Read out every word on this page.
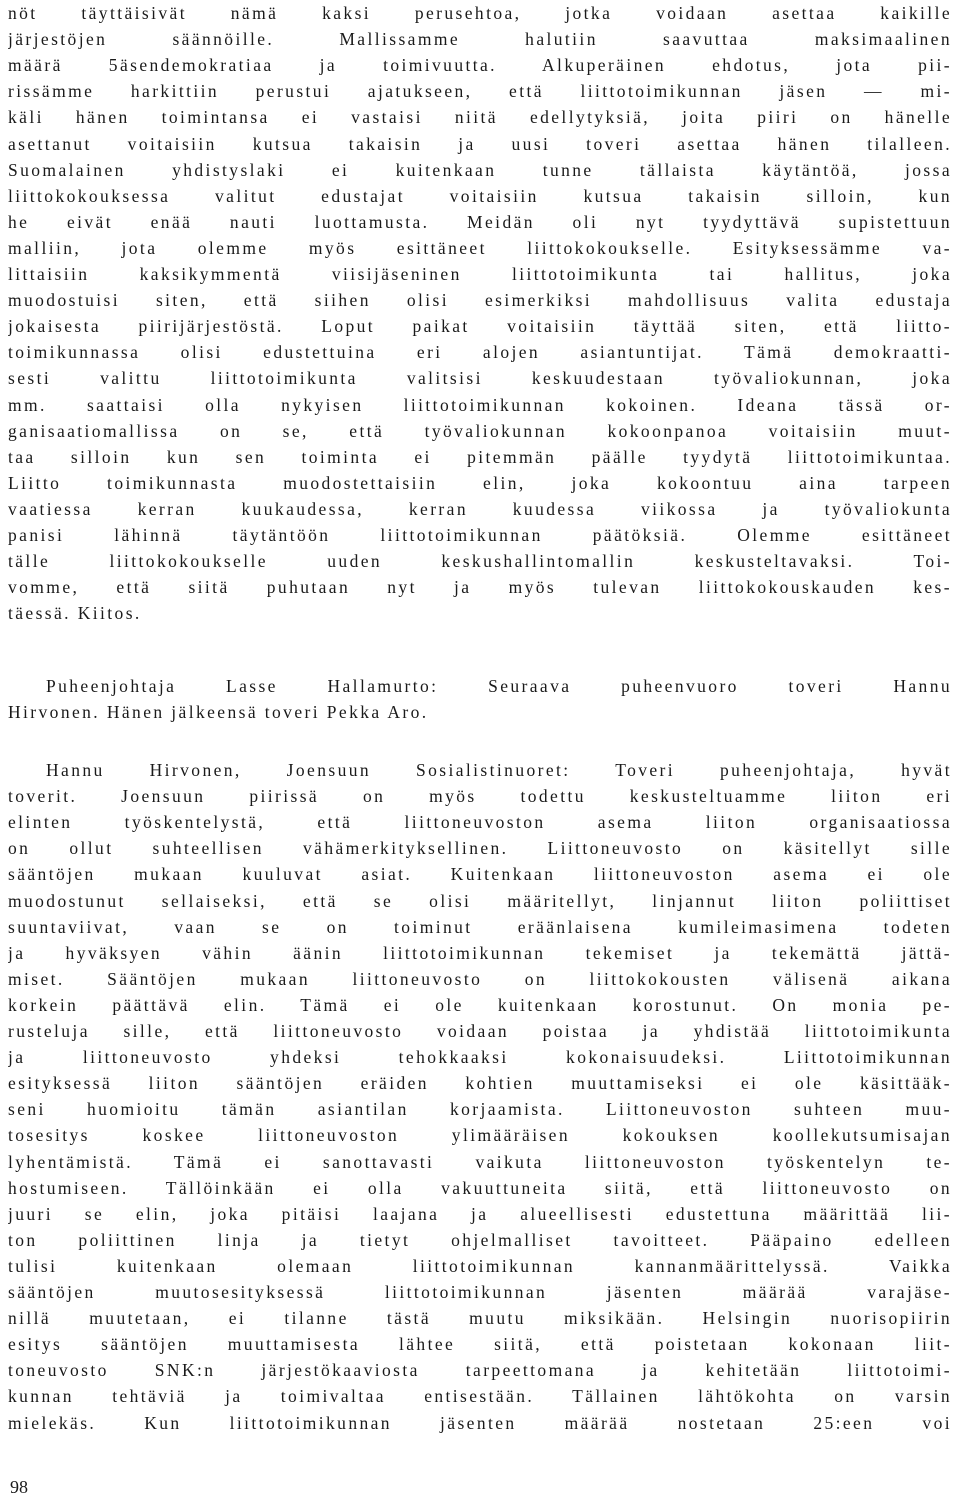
nöt täyttäisivät nämä kaksi perusehtoa, jotka voidaan asettaa kaikille
järjestöjen säännöille. Mallissamme halutiin saavuttaa maksimaalinen
määrä 5äsendemokratiaa ja toimivuutta. Alkuperäinen ehdotus, jota pii-
rissämme harkittiin perustui ajatukseen, että liittotoimikunnan jäsen — mi-
käli hänen toimintansa ei vastaisi niitä edellytyksiä, joita piiri on hänelle
asettanut voitaisiin kutsua takaisin ja uusi toveri asettaa hänen tilalleen.
Suomalainen yhdistyslaki ei kuitenkaan tunne tällaista käytäntöä, jossa
liittokokouksessa valitut edustajat voitaisiin kutsua takaisin silloin, kun
he eivät enää nauti luottamusta. Meidän oli nyt tyydyttävä supistettuun
malliin, jota olemme myös esittäneet liittokokoukselle. Esityksessämme va-
littaisiin kaksikymmentä viisijäseninen liittotoimikunta tai hallitus, joka
muodostuisi siten, että siihen olisi esimerkiksi mahdollisuus valita edustaja
jokaisesta piirijärjestöstä. Loput paikat voitaisiin täyttää siten, että liitto-
toimikunnassa olisi edustettuina eri alojen asiantuntijat. Tämä demokraatti-
sesti valittu liittotoimikunta valitsisi keskuudestaan työvaliokunnan, joka
mm. saattaisi olla nykyisen liittotoimikunnan kokoinen. Ideana tässä or-
ganisaatiomallissa on se, että työvaliokunnan kokoonpanoa voitaisiin muut-
taa silloin kun sen toiminta ei pitemmän päälle tyydytä liittotoimikuntaa.
Liitto toimikunnasta muodostettaisiin elin, joka kokoontuu aina tarpeen
vaatiessa kerran kuukaudessa, kerran kuudessa viikossa ja työvaliokunta
panisi lähinnä täytäntöön liittotoimikunnan päätöksiä. Olemme esittäneet
tälle liittokokoukselle uuden keskushallintomallin keskusteltavaksi. Toi-
vomme, että siitä puhutaan nyt ja myös tulevan liittokokouskauden kes-
täessä. Kiitos.
Puheenjohtaja Lasse Hallamurto: Seuraava puheenvuoro toveri Hannu
Hirvonen. Hänen jälkeensä toveri Pekka Aro.
Hannu Hirvonen, Joensuun Sosialistinuoret: Toveri puheenjohtaja, hyvät
toverit. Joensuun piirissä on myös todettu keskusteltuamme liiton eri
elinten työskentelystä, että liittoneuvoston asema liiton organisaatiossa
on ollut suhteellisen vähämerkityksellinen. Liittoneuvosto on käsitellyt sille
sääntöjen mukaan kuuluvat asiat. Kuitenkaan liittoneuvoston asema ei ole
muodostunut sellaiseksi, että se olisi määritellyt, linjannut liiton poliittiset
suuntaviivat, vaan se on toiminut eräänlaisena kumileimasimena todeten
ja hyväksyen vähin äänin liittotoimikunnan tekemiset ja tekemättä jättä-
miset. Sääntöjen mukaan liittoneuvosto on liittokokousten välisenä aikana
korkein päättävä elin. Tämä ei ole kuitenkaan korostunut. On monia pe-
rusteluja sille, että liittoneuvosto voidaan poistaa ja yhdistää liittotoimikunta
ja liittoneuvosto yhdeksi tehokkaaksi kokonaisuudeksi. Liittotoimikunnan
esityksessä liiton sääntöjen eräiden kohtien muuttamiseksi ei ole käsittääk-
seni huomioitu tämän asiantilan korjaamista. Liittoneuvoston suhteen muu-
tosesitys koskee liittoneuvoston ylimääräisen kokouksen koollekutsumisajan
lyhentämistä. Tämä ei sanottavasti vaikuta liittoneuvoston työskentelyn te-
hostumiseen. Tällöinkään ei olla vakuuttuneita siitä, että liittoneuvosto on
juuri se elin, joka pitäisi laajana ja alueellisesti edustettuna määrittää lii-
ton poliittinen linja ja tietyt ohjelmalliset tavoitteet. Pääpaino edelleen
tulisi kuitenkaan olemaan liittotoimikunnan kannanmäärittelyssä. Vaikka
sääntöjen muutosesityksessä liittotoimikunnan jäsenten määrää varajäse-
nillä muutetaan, ei tilanne tästä muutu miksikään. Helsingin nuorisopiirin
esitys sääntöjen muuttamisesta lähtee siitä, että poistetaan kokonaan liit-
toneuvosto SNK:n järjestökaaviosta tarpeettomana ja kehitetään liittotoimi-
kunnan tehtäviä ja toimivaltaa entisestään. Tällainen lähtökohta on varsin
mielekäs. Kun liittotoimikunnan jäsenten määrää nostetaan 25:een voi
98
